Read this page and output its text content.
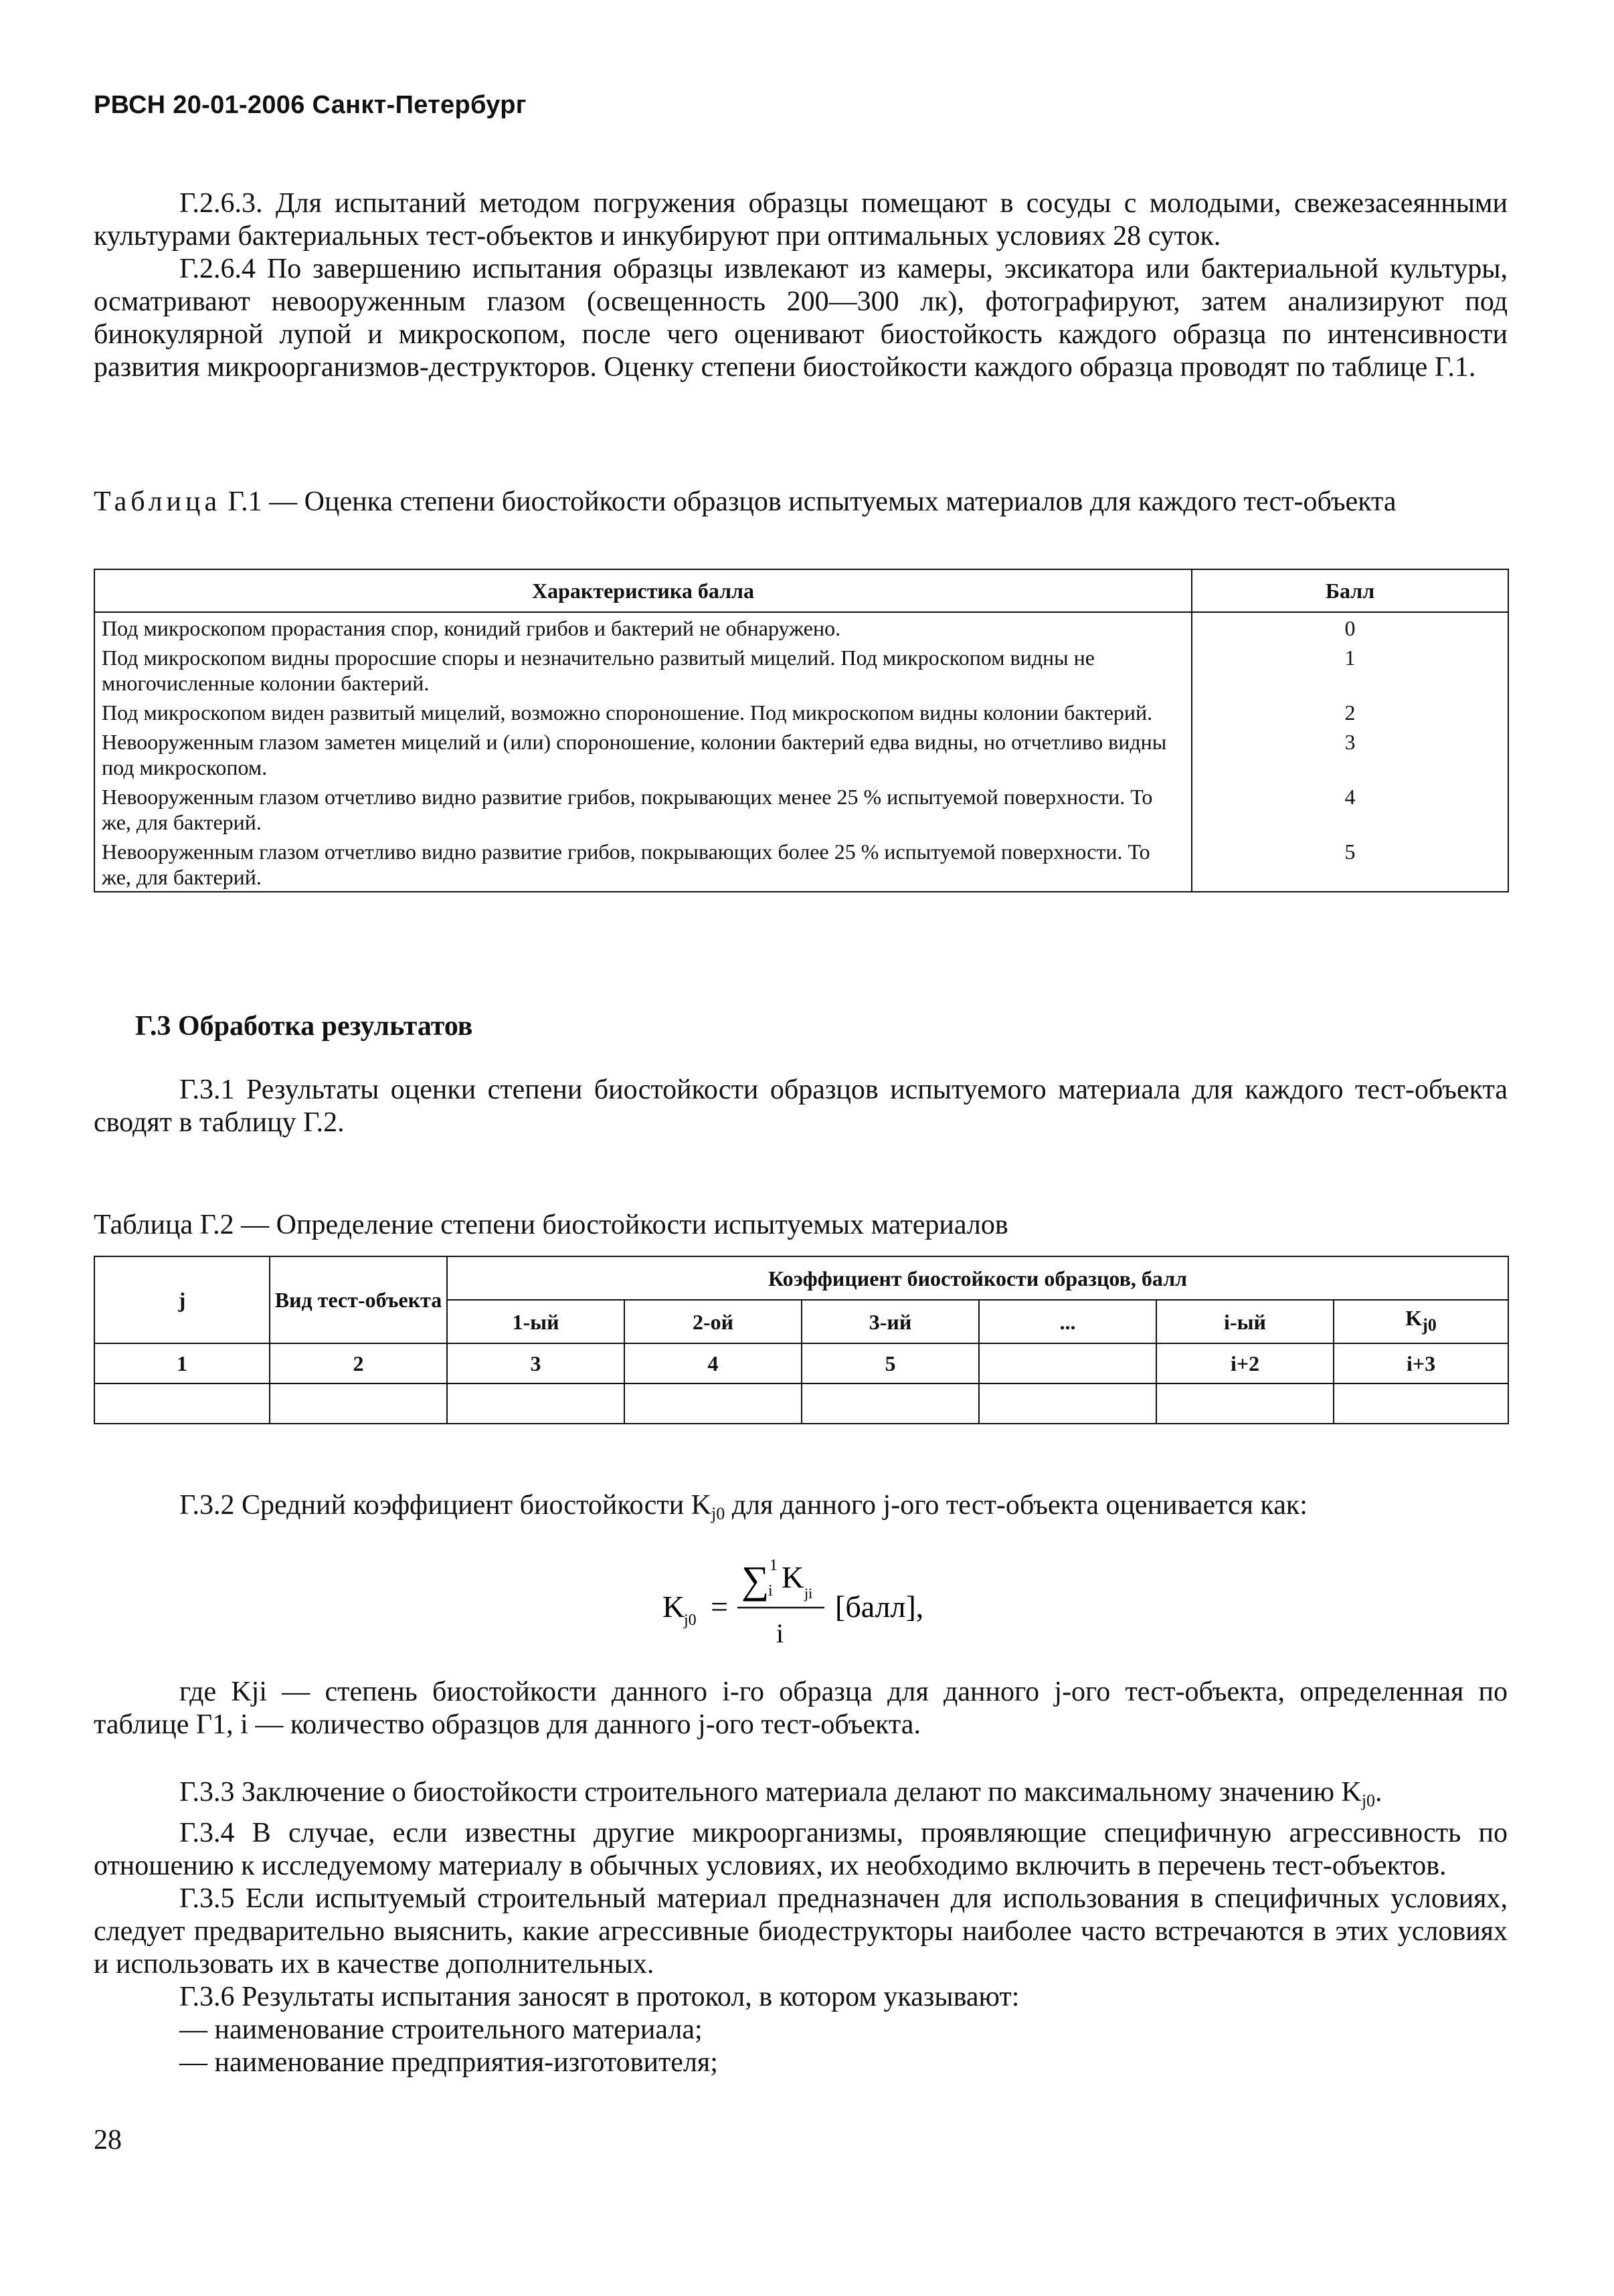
РВСН 20-01-2006 Санкт-Петербург

Г.2.6.3. Для испытаний методом погружения образцы помещают в сосуды с молодыми, свежезасеянными культурами бактериальных тест-объектов и инкубируют при оптимальных условиях 28 суток.

Г.2.6.4 По завершению испытания образцы извлекают из камеры, эксикатора или бактериальной культуры, осматривают невооруженным глазом (освещенность 200—300 лк), фотографируют, затем анализируют под бинокулярной лупой и микроскопом, после чего оценивают биостойкость каждого образца по интенсивности развития микроорганизмов-деструкторов. Оценку степени биостойкости каждого образца проводят по таблице Г.1.

Таблица Г.1 — Оценка степени биостойкости образцов испытуемых материалов для каждого тест-объекта

Характеристика балла	Балл
Под микроскопом прорастания спор, конидий грибов и бактерий не обнаружено.	0
Под микроскопом видны проросшие споры и незначительно развитый мицелий. Под микроскопом видны не многочисленные колонии бактерий.	1
Под микроскопом виден развитый мицелий, возможно спороношение. Под микроскопом видны колонии бактерий.	2
Невооруженным глазом заметен мицелий и (или) спороношение, колонии бактерий едва видны, но отчетливо видны под микроскопом.	3
Невооруженным глазом отчетливо видно развитие грибов, покрывающих менее 25 % испытуемой поверхности. То же, для бактерий.	4
Невооруженным глазом отчетливо видно развитие грибов, покрывающих более 25 % испытуемой поверхности. То же, для бактерий.	5

Г.3 Обработка результатов

Г.3.1 Результаты оценки степени биостойкости образцов испытуемого материала для каждого тест-объекта сводят в таблицу Г.2.

Таблица Г.2 — Определение степени биостойкости испытуемых материалов

j	Вид тест-объекта	Коэффициент биостойкости образцов, балл					
		1-ый	2-ой	3-ий	...	i-ый	$K_{j0}$
1	2	3	4	5		i+2	i+3

Г.3.2 Средний коэффициент биостойкости $K_{j0}$ для данного j-ого тест-объекта оценивается как:

K
j0 =
∑ 1
i K ji
i
[балл],

где Kji — степень биостойкости данного i-го образца для данного j-ого тест-объекта, определенная по таблице Г1, i — количество образцов для данного j-ого тест-объекта.

Г.3.3 Заключение о биостойкости строительного материала делают по максимальному значению $K_{j0}$.

Г.3.4 В случае, если известны другие микроорганизмы, проявляющие специфичную агрессивность по отношению к исследуемому материалу в обычных условиях, их необходимо включить в перечень тест-объектов.

Г.3.5 Если испытуемый строительный материал предназначен для использования в специфичных условиях, следует предварительно выяснить, какие агрессивные биодеструкторы наиболее часто встречаются в этих условиях и использовать их в качестве дополнительных.

Г.3.6 Результаты испытания заносят в протокол, в котором указывают:

— наименование строительного материала;

— наименование предприятия-изготовителя;

28
